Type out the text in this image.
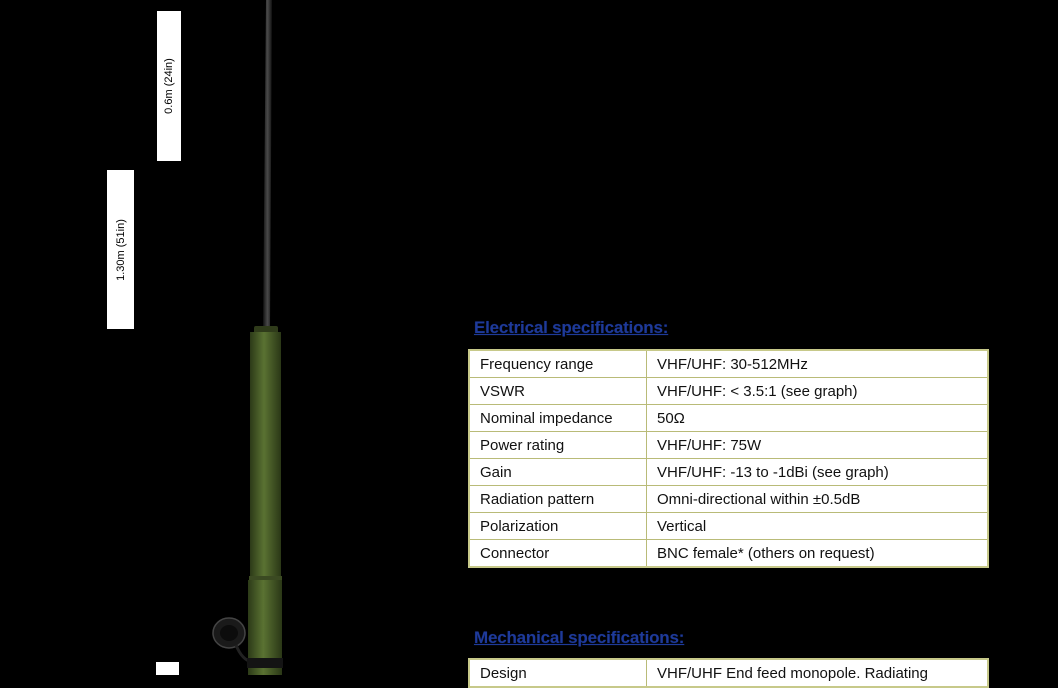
0.6m (24in)
1.30m (51in)
Electrical specifications:
Frequency range	VHF/UHF: 30-512MHz
VSWR	VHF/UHF: < 3.5:1 (see graph)
Nominal impedance	50Ω
Power rating	VHF/UHF: 75W
Gain	VHF/UHF: -13 to -1dBi (see graph)
Radiation pattern	Omni-directional within ±0.5dB
Polarization	Vertical
Connector	BNC female* (others on request)
Mechanical specifications:
Design	VHF/UHF End feed monopole. Radiating
